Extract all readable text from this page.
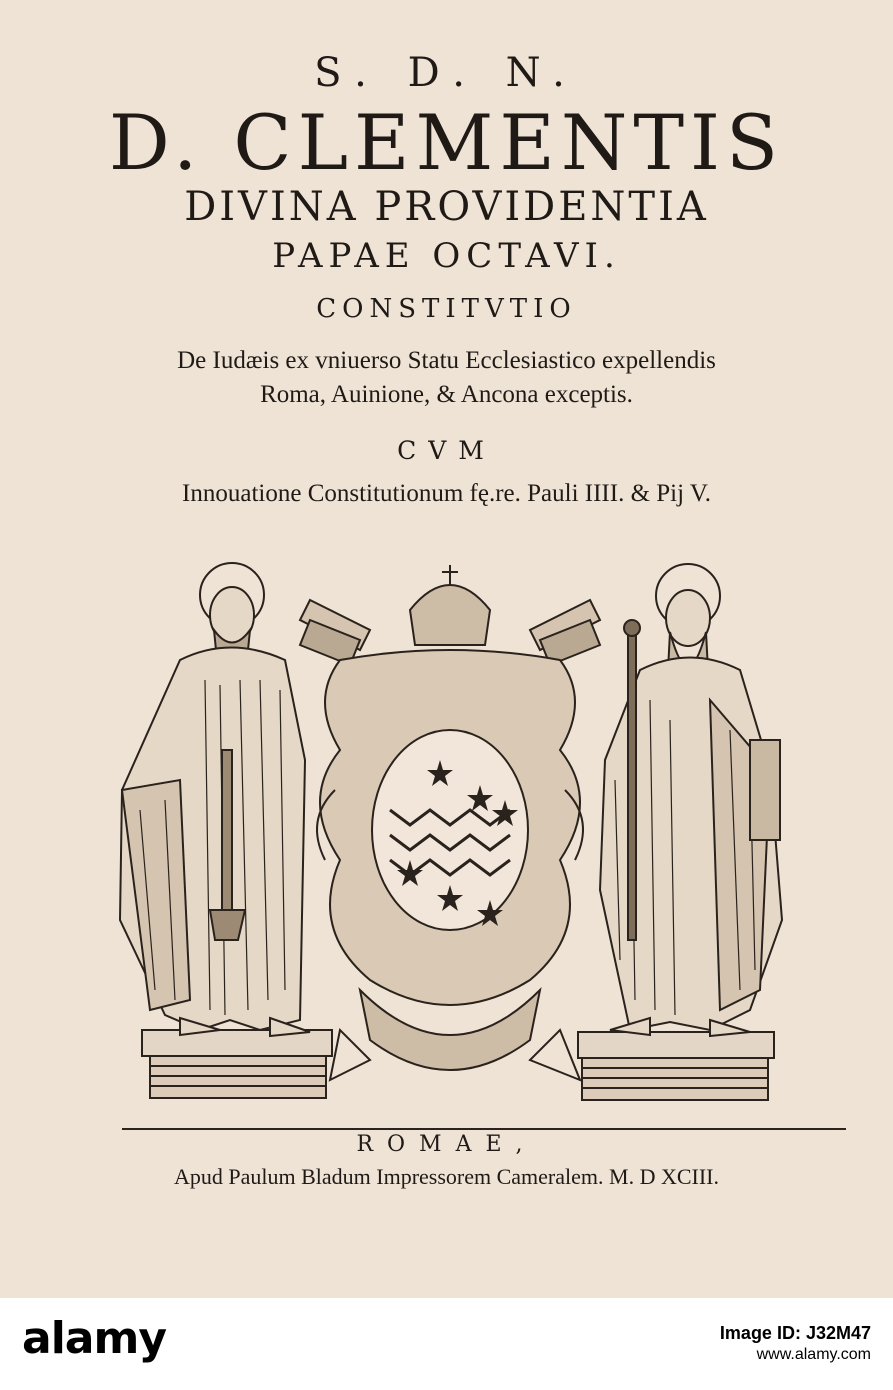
S. D. N.
D. CLEMENTIS
DIVINA PROVIDENTIA
PAPAE OCTAVI.
CONSTITVTIO
De Iudæis ex vniuerso Statu Ecclesiastico expellendis
Roma, Auinione, & Ancona exceptis.
CVM
Innouatione Constitutionum fę.re. Pauli IIII. & Pij V.
ROMAE,
Apud Paulum Bladum Impressorem Cameralem. M. D XCIII.
alamy	Image ID: J32M47
www.alamy.com
